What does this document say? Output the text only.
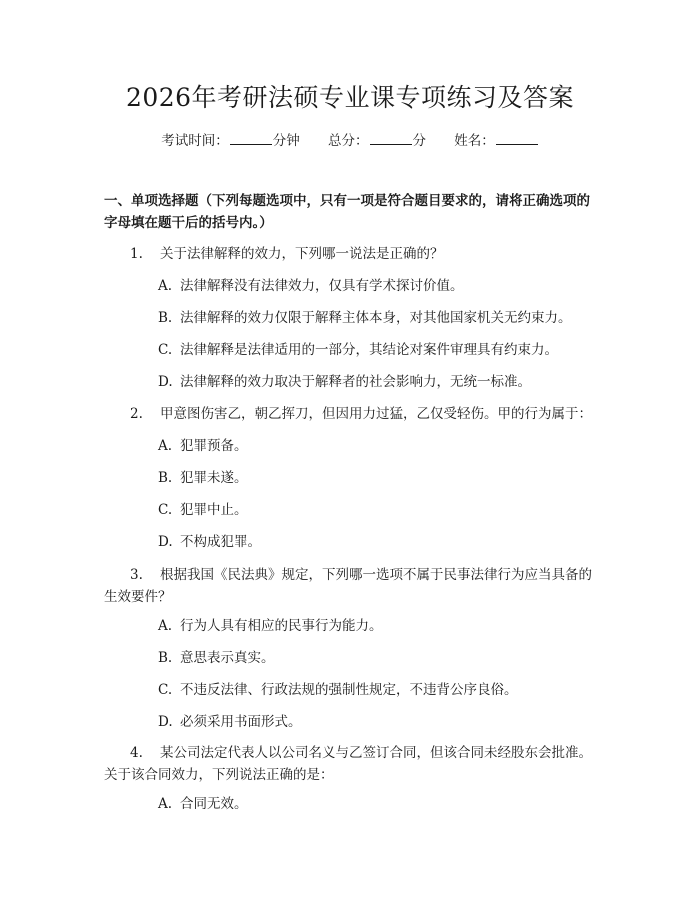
2026年考研法硕专业课专项练习及答案
考试时间：	分钟 总分：	分 姓名：
一、单项选择题（下列每题选项中，只有一项是符合题目要求的，请将正确选项的字母填在题干后的括号内。）
1. 关于法律解释的效力，下列哪一说法是正确的？
A. 法律解释没有法律效力，仅具有学术探讨价值。
B. 法律解释的效力仅限于解释主体本身，对其他国家机关无约束力。
C. 法律解释是法律适用的一部分，其结论对案件审理具有约束力。
D. 法律解释的效力取决于解释者的社会影响力，无统一标准。
2. 甲意图伤害乙，朝乙挥刀，但因用力过猛，乙仅受轻伤。甲的行为属于：
A. 犯罪预备。
B. 犯罪未遂。
C. 犯罪中止。
D. 不构成犯罪。
3. 根据我国《民法典》规定，下列哪一选项不属于民事法律行为应当具备的生效要件？
A. 行为人具有相应的民事行为能力。
B. 意思表示真实。
C. 不违反法律、行政法规的强制性规定，不违背公序良俗。
D. 必须采用书面形式。
4. 某公司法定代表人以公司名义与乙签订合同，但该合同未经股东会批准。关于该合同效力，下列说法正确的是：
A. 合同无效。
